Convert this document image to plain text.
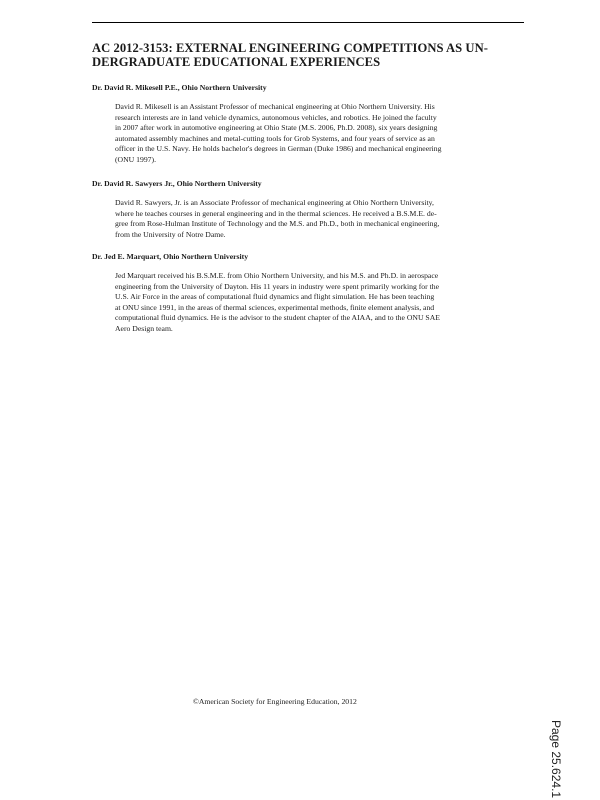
AC 2012-3153: EXTERNAL ENGINEERING COMPETITIONS AS UN-
DERGRADUATE EDUCATIONAL EXPERIENCES
Dr. David R. Mikesell P.E., Ohio Northern University
David R. Mikesell is an Assistant Professor of mechanical engineering at Ohio Northern University. His
research interests are in land vehicle dynamics, autonomous vehicles, and robotics. He joined the faculty
in 2007 after work in automotive engineering at Ohio State (M.S. 2006, Ph.D. 2008), six years designing
automated assembly machines and metal-cutting tools for Grob Systems, and four years of service as an
officer in the U.S. Navy. He holds bachelor's degrees in German (Duke 1986) and mechanical engineering
(ONU 1997).
Dr. David R. Sawyers Jr., Ohio Northern University
David R. Sawyers, Jr. is an Associate Professor of mechanical engineering at Ohio Northern University,
where he teaches courses in general engineering and in the thermal sciences. He received a B.S.M.E. de-
gree from Rose-Hulman Institute of Technology and the M.S. and Ph.D., both in mechanical engineering,
from the University of Notre Dame.
Dr. Jed E. Marquart, Ohio Northern University
Jed Marquart received his B.S.M.E. from Ohio Northern University, and his M.S. and Ph.D. in aerospace
engineering from the University of Dayton. His 11 years in industry were spent primarily working for the
U.S. Air Force in the areas of computational fluid dynamics and flight simulation. He has been teaching
at ONU since 1991, in the areas of thermal sciences, experimental methods, finite element analysis, and
computational fluid dynamics. He is the advisor to the student chapter of the AIAA, and to the ONU SAE
Aero Design team.
©American Society for Engineering Education, 2012
Page 25.624.1
